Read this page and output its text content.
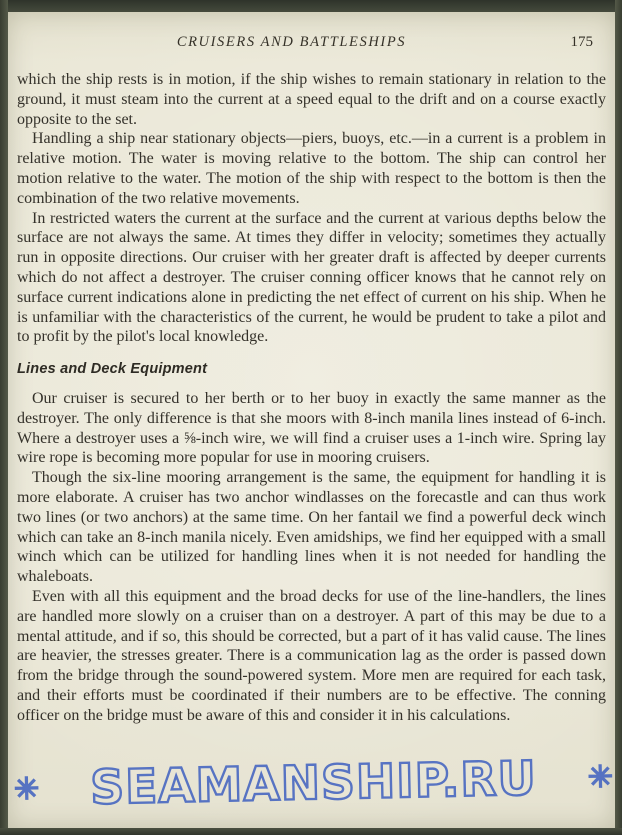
CRUISERS AND BATTLESHIPS	175

which the ship rests is in motion, if the ship wishes to remain stationary in relation to the ground, it must steam into the current at a speed equal to the drift and on a course exactly opposite to the set.

Handling a ship near stationary objects—piers, buoys, etc.—in a current is a problem in relative motion. The water is moving relative to the bottom. The ship can control her motion relative to the water. The motion of the ship with respect to the bottom is then the combination of the two relative movements.

In restricted waters the current at the surface and the current at various depths below the surface are not always the same. At times they differ in velocity; sometimes they actually run in opposite directions. Our cruiser with her greater draft is affected by deeper currents which do not affect a destroyer. The cruiser conning officer knows that he cannot rely on surface current indications alone in predicting the net effect of current on his ship. When he is unfamiliar with the characteristics of the current, he would be prudent to take a pilot and to profit by the pilot's local knowledge.

Lines and Deck Equipment

Our cruiser is secured to her berth or to her buoy in exactly the same manner as the destroyer. The only difference is that she moors with 8-inch manila lines instead of 6-inch. Where a destroyer uses a ⅝-inch wire, we will find a cruiser uses a 1-inch wire. Spring lay wire rope is becoming more popular for use in mooring cruisers.

Though the six-line mooring arrangement is the same, the equipment for handling it is more elaborate. A cruiser has two anchor windlasses on the forecastle and can thus work two lines (or two anchors) at the same time. On her fantail we find a powerful deck winch which can take an 8-inch manila nicely. Even amidships, we find her equipped with a small winch which can be utilized for handling lines when it is not needed for handling the whaleboats.

Even with all this equipment and the broad decks for use of the line-handlers, the lines are handled more slowly on a cruiser than on a destroyer. A part of this may be due to a mental attitude, and if so, this should be corrected, but a part of it has valid cause. The lines are heavier, the stresses greater. There is a communication lag as the order is passed down from the bridge through the sound-powered system. More men are required for each task, and their efforts must be coordinated if their numbers are to be effective. The conning officer on the bridge must be aware of this and consider it in his calculations.

✳ SEAMANSHIP.RU ✳
